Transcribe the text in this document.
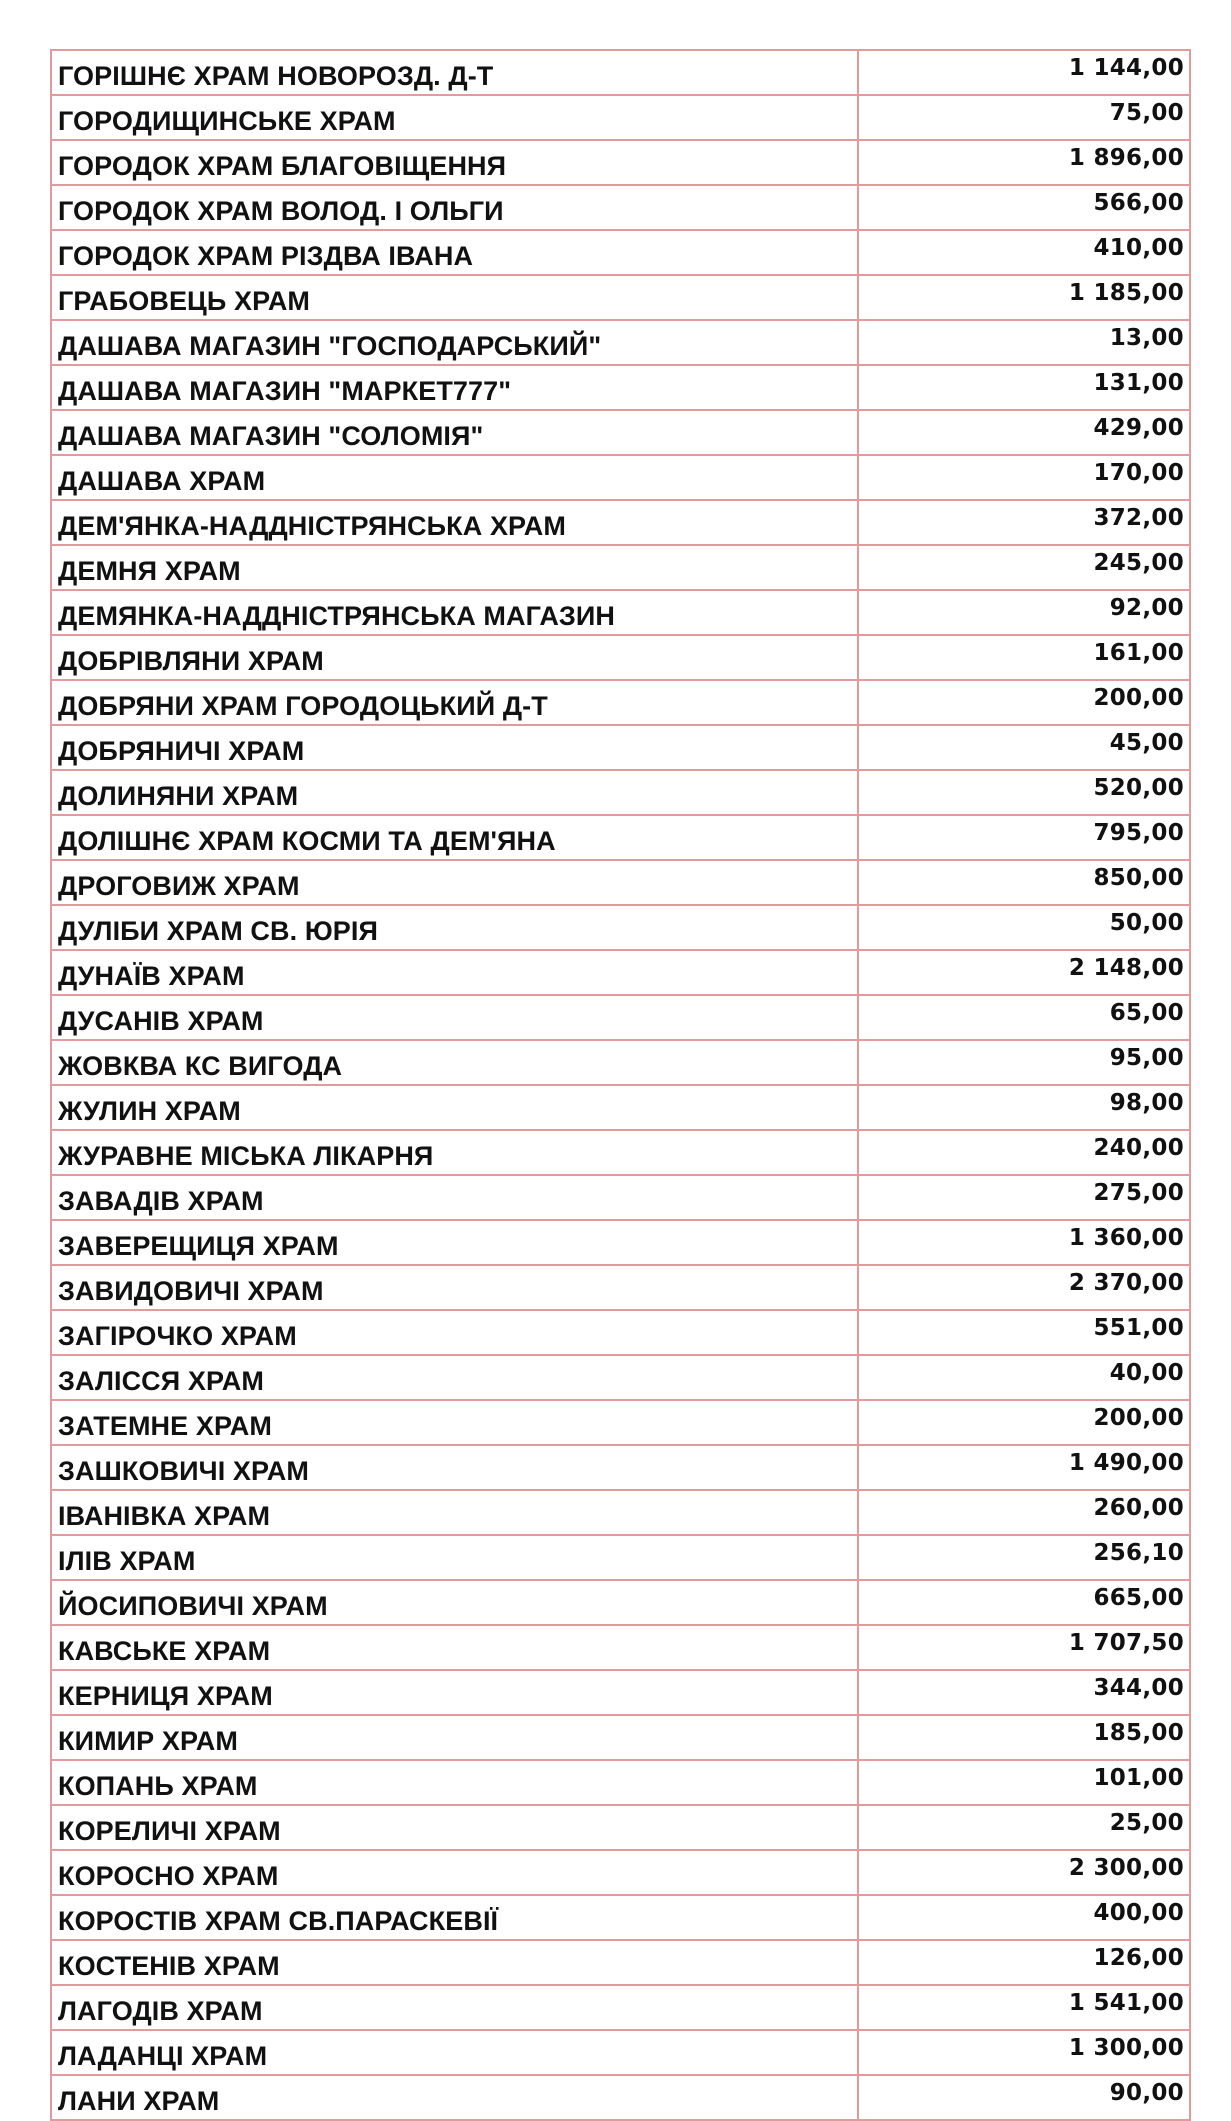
ГОРІШНЄ ХРАМ НОВОРОЗД. Д-Т	1 144,00
ГОРОДИЩИНСЬКЕ ХРАМ	75,00
ГОРОДОК ХРАМ БЛАГОВІЩЕННЯ	1 896,00
ГОРОДОК ХРАМ ВОЛОД. І ОЛЬГИ	566,00
ГОРОДОК ХРАМ РІЗДВА ІВАНА	410,00
ГРАБОВЕЦЬ ХРАМ	1 185,00
ДАШАВА МАГАЗИН "ГОСПОДАРСЬКИЙ"	13,00
ДАШАВА МАГАЗИН "МАРКЕТ777"	131,00
ДАШАВА МАГАЗИН "СОЛОМІЯ"	429,00
ДАШАВА ХРАМ	170,00
ДЕМ'ЯНКА-НАДДНІСТРЯНСЬКА ХРАМ	372,00
ДЕМНЯ ХРАМ	245,00
ДЕМЯНКА-НАДДНІСТРЯНСЬКА МАГАЗИН	92,00
ДОБРІВЛЯНИ ХРАМ	161,00
ДОБРЯНИ ХРАМ ГОРОДОЦЬКИЙ Д-Т	200,00
ДОБРЯНИЧІ ХРАМ	45,00
ДОЛИНЯНИ ХРАМ	520,00
ДОЛІШНЄ ХРАМ КОСМИ ТА ДЕМ'ЯНА	795,00
ДРОГОВИЖ ХРАМ	850,00
ДУЛІБИ ХРАМ СВ. ЮРІЯ	50,00
ДУНАЇВ ХРАМ	2 148,00
ДУСАНІВ ХРАМ	65,00
ЖОВКВА КС ВИГОДА	95,00
ЖУЛИН ХРАМ	98,00
ЖУРАВНЕ МІСЬКА ЛІКАРНЯ	240,00
ЗАВАДІВ ХРАМ	275,00
ЗАВЕРЕЩИЦЯ ХРАМ	1 360,00
ЗАВИДОВИЧІ ХРАМ	2 370,00
ЗАГІРОЧКО ХРАМ	551,00
ЗАЛІССЯ ХРАМ	40,00
ЗАТЕМНЕ ХРАМ	200,00
ЗАШКОВИЧІ ХРАМ	1 490,00
ІВАНІВКА ХРАМ	260,00
ІЛІВ ХРАМ	256,10
ЙОСИПОВИЧІ ХРАМ	665,00
КАВСЬКЕ ХРАМ	1 707,50
КЕРНИЦЯ ХРАМ	344,00
КИМИР ХРАМ	185,00
КОПАНЬ ХРАМ	101,00
КОРЕЛИЧІ ХРАМ	25,00
КОРОСНО ХРАМ	2 300,00
КОРОСТІВ ХРАМ СВ.ПАРАСКЕВІЇ	400,00
КОСТЕНІВ ХРАМ	126,00
ЛАГОДІВ ХРАМ	1 541,00
ЛАДАНЦІ ХРАМ	1 300,00
ЛАНИ ХРАМ	90,00
